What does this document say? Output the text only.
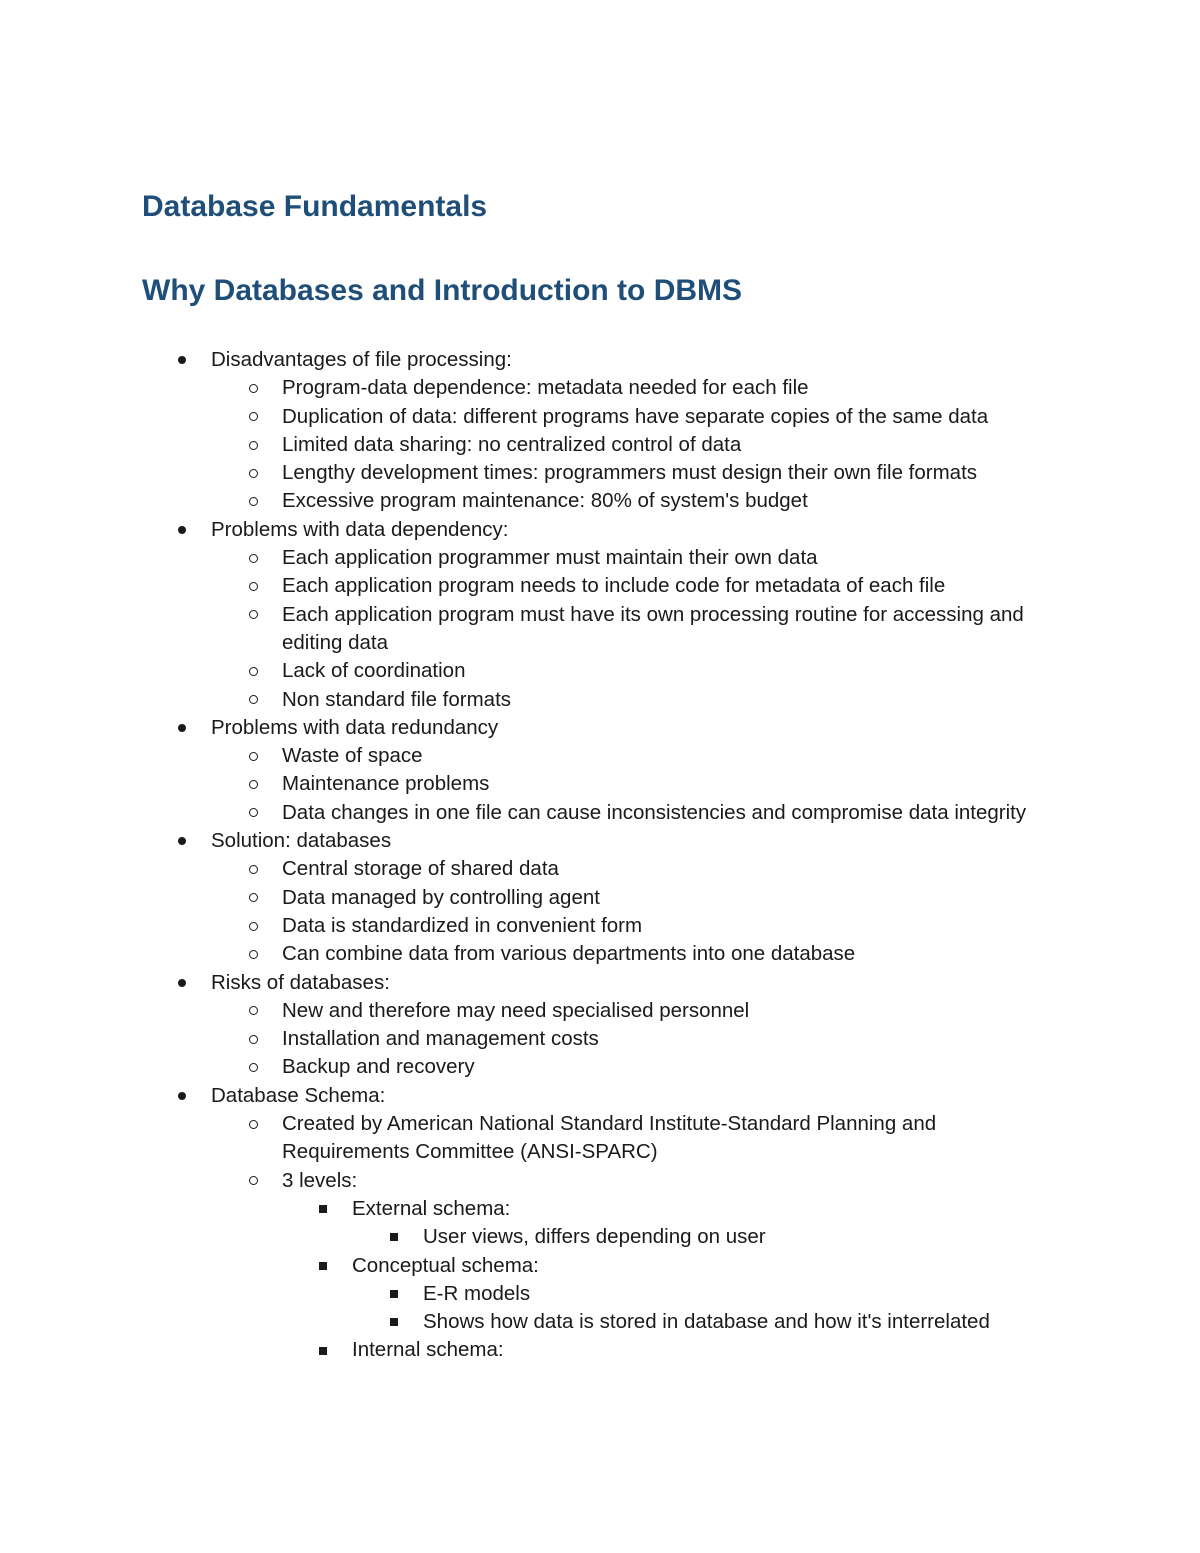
Database Fundamentals
Why Databases and Introduction to DBMS
Disadvantages of file processing:
Program-data dependence: metadata needed for each file
Duplication of data: different programs have separate copies of the same data
Limited data sharing: no centralized control of data
Lengthy development times: programmers must design their own file formats
Excessive program maintenance: 80% of system's budget
Problems with data dependency:
Each application programmer must maintain their own data
Each application program needs to include code for metadata of each file
Each application program must have its own processing routine for accessing and editing data
Lack of coordination
Non standard file formats
Problems with data redundancy
Waste of space
Maintenance problems
Data changes in one file can cause inconsistencies and compromise data integrity
Solution: databases
Central storage of shared data
Data managed by controlling agent
Data is standardized in convenient form
Can combine data from various departments into one database
Risks of databases:
New and therefore may need specialised personnel
Installation and management costs
Backup and recovery
Database Schema:
Created by American National Standard Institute-Standard Planning and Requirements Committee (ANSI-SPARC)
3 levels:
External schema:
User views, differs depending on user
Conceptual schema:
E-R models
Shows how data is stored in database and how it's interrelated
Internal schema:
